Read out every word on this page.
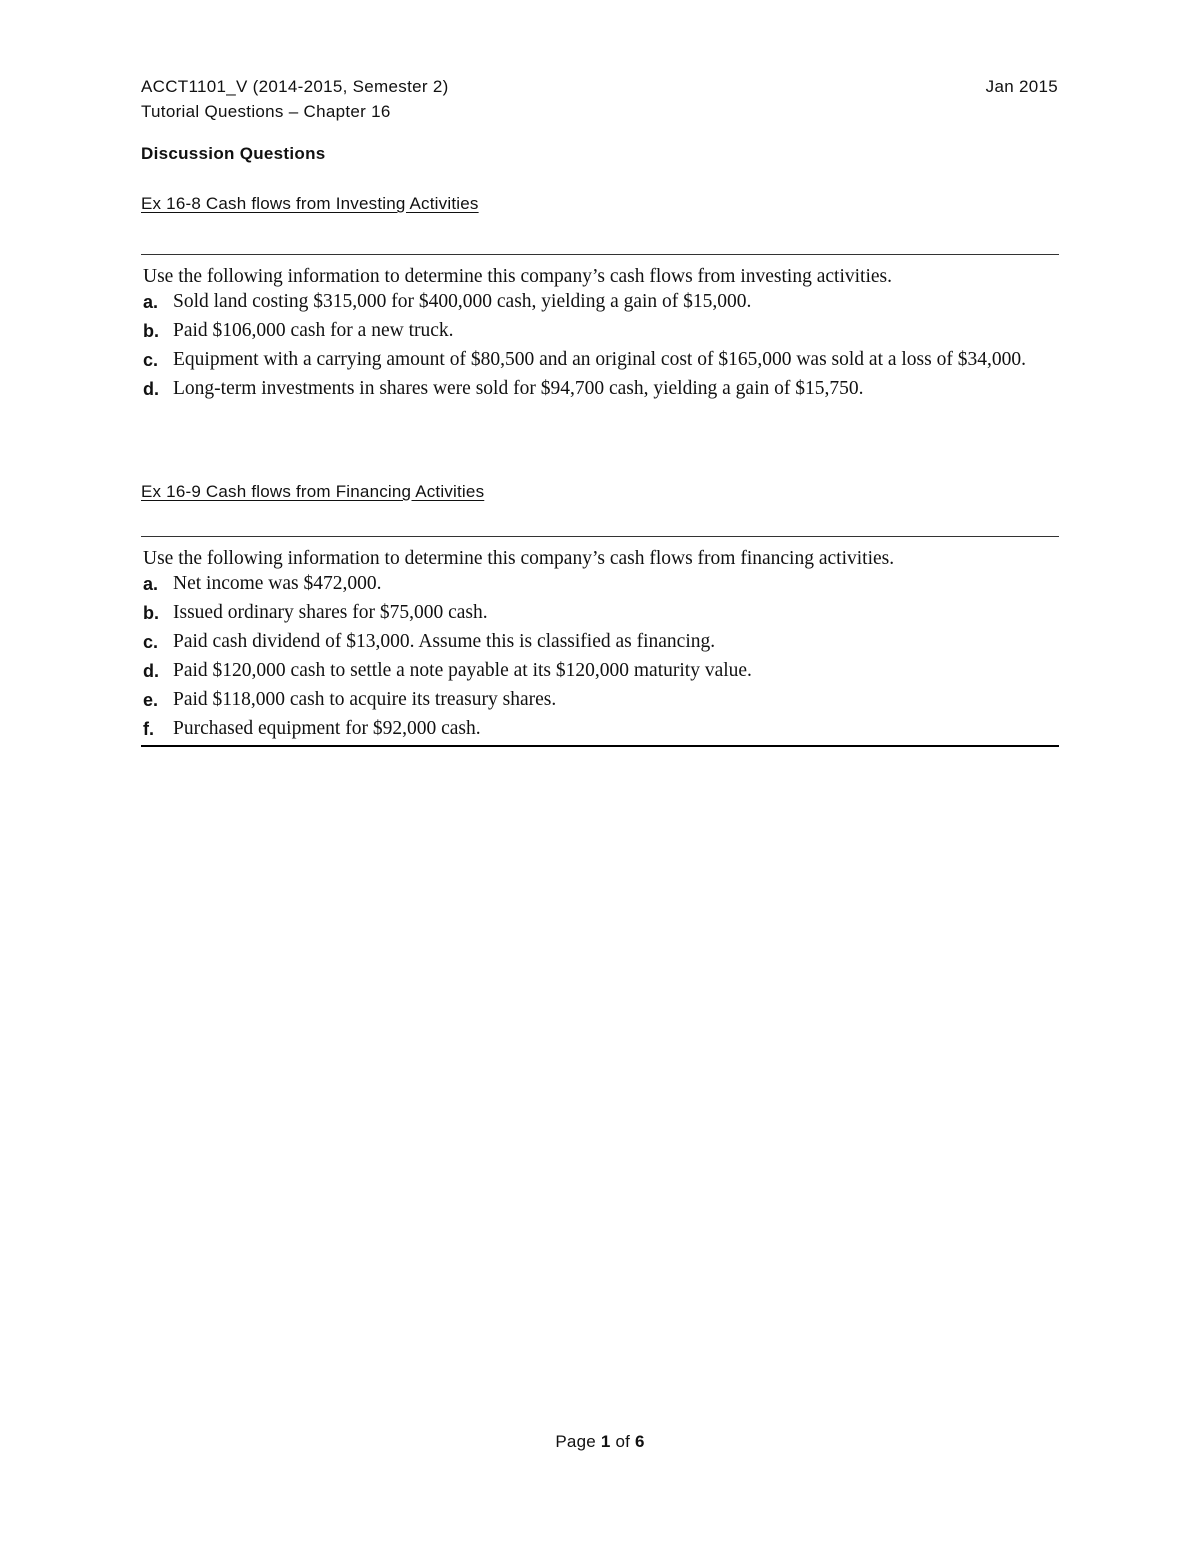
ACCT1101_V (2014-2015, Semester 2)
Tutorial Questions – Chapter 16
Jan 2015
Discussion Questions
Ex 16-8 Cash flows from Investing Activities
Use the following information to determine this company’s cash flows from investing activities.
a. Sold land costing $315,000 for $400,000 cash, yielding a gain of $15,000.
b. Paid $106,000 cash for a new truck.
c. Equipment with a carrying amount of $80,500 and an original cost of $165,000 was sold at a loss of $34,000.
d. Long-term investments in shares were sold for $94,700 cash, yielding a gain of $15,750.
Ex 16-9 Cash flows from Financing Activities
Use the following information to determine this company’s cash flows from financing activities.
a. Net income was $472,000.
b. Issued ordinary shares for $75,000 cash.
c. Paid cash dividend of $13,000. Assume this is classified as financing.
d. Paid $120,000 cash to settle a note payable at its $120,000 maturity value.
e. Paid $118,000 cash to acquire its treasury shares.
f. Purchased equipment for $92,000 cash.
Page 1 of 6
